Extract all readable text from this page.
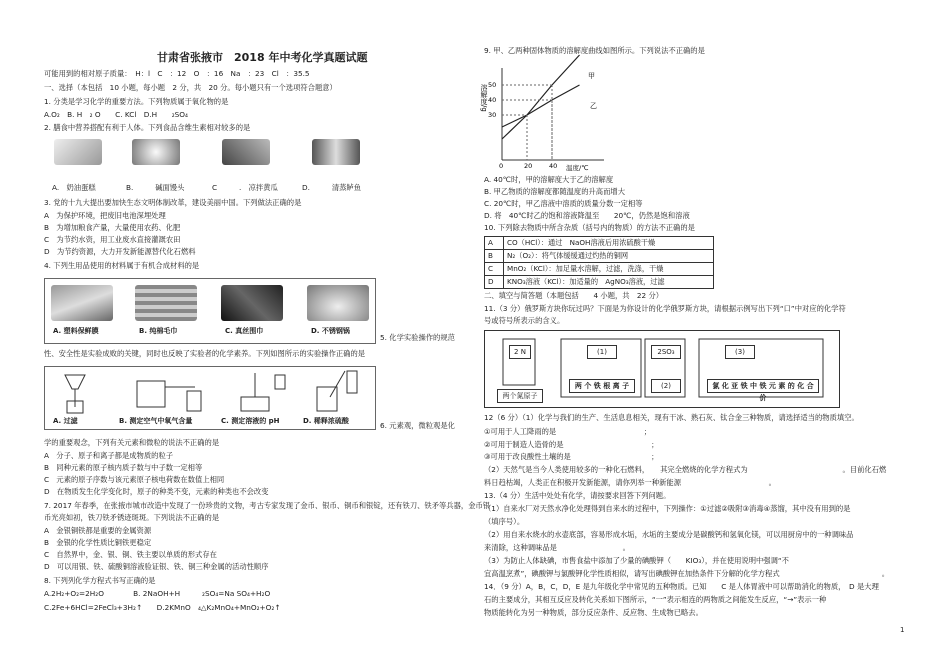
甘肃省张掖市　2018 年中考化学真题试题
可能用到的相对原子质量：　H：l　C　：12　O　：16　Na　：23　Cl　：35.5
一、选择（本包括　10 小题，每小题　2 分，共　20 分。每小题只有一个选项符合题意）
1. 分类是学习化学的重要方法。下列物质属于氧化物的是
A.O₂　B. H　₂ O　　C. KCl　D.H　　₂SO₄
2. 膳食中营养搭配有利于人体。下列食品含维生素相对较多的是
A.　奶油蛋糕	B.　　　碱面馒头	C　　　.　凉拌黄瓜	D.　　　清蒸鲈鱼
3. 党的十九大提出要加快生态文明体制改革，建设美丽中国。下列做法正确的是
A　为保护环境，把废旧电池深埋处理
B　为增加粮食产量，大量使用农药、化肥
C　为节约水资，用工业废水直接灌溉农田
D　为节约资源，大力开发新能源替代化石燃料
4. 下列生用品使用的材料属于有机合成材料的是
A. 塑料保鲜膜	B. 纯棉毛巾	C. 真丝围巾	D. 不锈钢锅
5. 化学实验操作的规范
性、安全性是实验成败的关键，同时也反映了实验者的化学素养。下列如图所示的实验操作正确的是
A. 过滤	B. 测定空气中氧气含量	C. 测定溶液的 pH	D. 稀释浓硫酸	6. 元素观，微粒观是化
学的重要观念，下列有关元素和微粒的说法不正确的是
A　分子、原子和离子都是成物质的粒子
B　同种元素的原子核内质子数与中子数一定相等
C　元素的原子序数与该元素原子核电荷数在数值上相同
D　在物质发生化学变化时，原子的种类不变，元素的种类也不会改变
7. 2017 年春季，在张掖市城市改造中发现了一份珍贵的文物，考古专家发现了金币、银币、铜币和银锭，还有铁刀、铁矛等兵器，金币银
币光亮如初，铁刀铁矛锈迹斑斑。下列说法不正确的是
A　金银铜铁都是重要的金属资源
B　金银的化学性质比铜铁更稳定
C　自然界中，金、银、铜、铁主要以单质的形式存在
D　可以用银、铁、硫酸铜溶液验证银、铁、铜三种金属的活动性顺序
8. 下列列化学方程式书写正确的是
A.2H₂+O₂=2H₂O　　　　B. 2NaOH+H　　　₂SO₄=Na SO₄+H₂O
C.2Fe+6HCl=2FeCl₃+3H₂↑　　D.2KMnO　₄△K₂MnO₄+MnO₂+O₂↑
9. 甲、乙两种固体物质的溶解度曲线如图所示。下列说法不正确的是
溶解度/g 50
40
30
0	20	40 温度/℃
甲
乙
A. 40℃时，甲的溶解度大于乙的溶解度
B. 甲乙物质的溶解度都随温度的升高而增大
C. 20℃时，甲乙溶液中溶质的质量分数一定相等
D. 将　40℃时乙的饱和溶液降温至　　20℃，仍然是饱和溶液
10. 下列除去物质中所含杂质（括号内的物质）的方法不正确的是
A	CO（HCl）：通过　NaOH溶液后用浓硫酸干燥
B	N₂（O₂）：将气体缓缓通过灼热的铜网
C	MnO₂（KCl）：加足量水溶解，过滤，洗涤，干燥
D	KNO₃溶液（KCl）：加适量的　AgNO₃溶液，过滤
二、填空与简答题（本题包括　　4 小题，共　22 分）
11.（3 分）俄罗斯方块你玩过吗？下面是为你设计的化学俄罗斯方块，请根据示例写出下列“口”中对应的化学符
号或符号所表示的含义。
2 N
两个氮原子
(1)
两 个 铁 根 离 子
2SO₃
(2)
(3)
氯 化 亚 铁 中 铁 元 素 的 化 合 价
12（6 分）（1）化学与我们的生产、生活息息相关，现有干冰、熟石灰、钛合金三种物质，请选择适当的物质填空。
①可用于人工降雨的是　　　　　　　　　　　　；
②可用于制造人造骨的是　　　　　　　　　　　　；
③可用于改良酸性土壤的是　　　　　　　　　　　；
（2）天然气是当今人类使用较多的一种化石燃料，　　其完全燃烧的化学方程式为　　　　　　　　　　　　　。目前化石燃
料日趋枯竭，人类正在积极开发新能源，请你列举一种新能源　　　　　　　　　　　　。
13.（4 分）生活中处处有化学，请按要求回答下列问题。
（1）自来水厂对天然水净化处理得到自来水的过程中，下列操作：①过滤②吸附③消毒④蒸馏，其中没有用到的是
（填序号）。
（2）用自来水烧水的水壶底部，容易形成水垢，水垢的主要成分是碳酸钙和氢氧化镁，可以用厨房中的一种调味品
来清除，这种调味品是　　　　　　　　　。
（3）为防止人体缺碘，市售食盐中添加了少量的碘酸钾（　　KIO₃），并在使用说明中强调“不
宜高温烹煮”，碘酸钾与氯酸钾化学性质相似，请写出碘酸钾在加热条件下分解的化学方程式　　　　　　　　　　　　　　。
14．（9 分）A，B，C，D，E 是九年级化学中常见的五种物质。已知　　C 是人体胃液中可以帮助消化的物质，　D 是大理
石的主要成分，其相互反应及转化关系如下图所示，“一”表示相连的两物质之间能发生反应，“→”表示一种
物质能转化为另一种物质，部分反应条件、反应物、生成物已略去。
1
